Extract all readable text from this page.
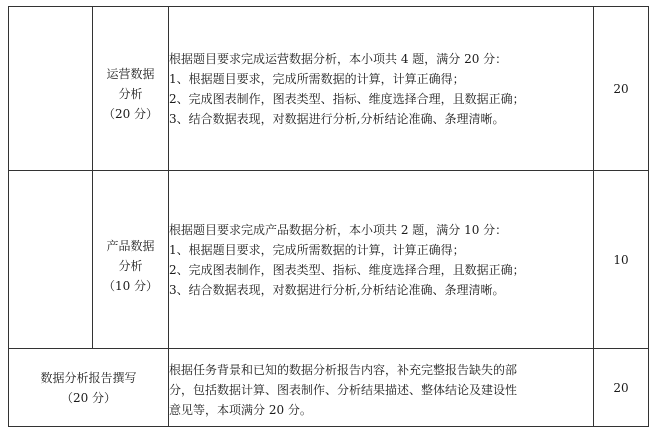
	运营数据
分析
（20 分）	根据题目要求完成运营数据分析，本小项共 4 题，满分 20 分：
1、根据题目要求，完成所需数据的计算，计算正确得；
2、完成图表制作，图表类型、指标、维度选择合理，且数据正确；
3、结合数据表现，对数据进行分析,分析结论准确、条理清晰。	20

	产品数据
分析
（10 分）	根据题目要求完成产品数据分析，本小项共 2 题，满分 10 分：
1、根据题目要求，完成所需数据的计算，计算正确得；
2、完成图表制作，图表类型、指标、维度选择合理，且数据正确；
3、结合数据表现，对数据进行分析,分析结论准确、条理清晰。	10

数据分析报告撰写
（20 分）		根据任务背景和已知的数据分析报告内容，补充完整报告缺失的部
分，包括数据计算、图表制作、分析结果描述、整体结论及建设性
意见等，本项满分 20 分。	20
